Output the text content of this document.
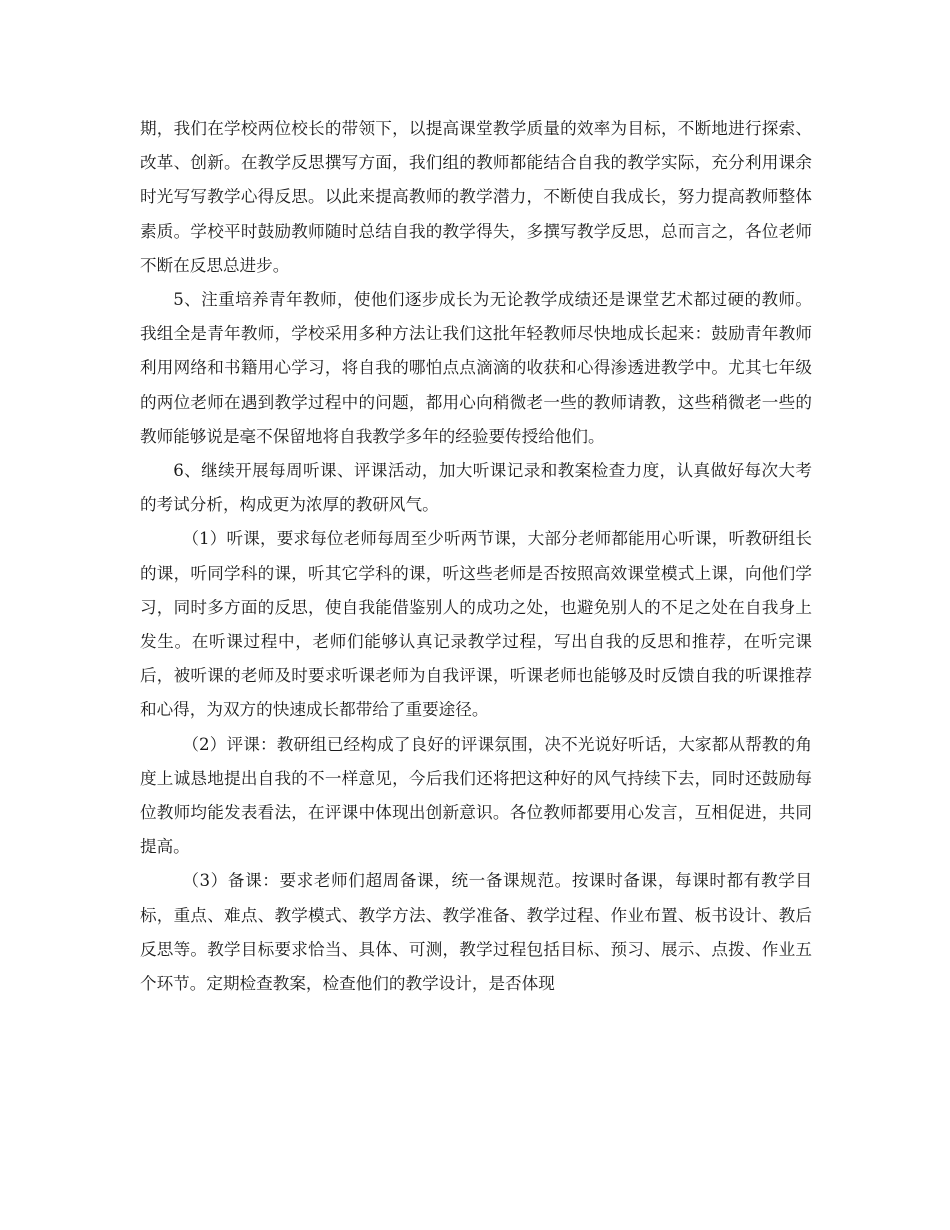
期，我们在学校两位校长的带领下，以提高课堂教学质量的效率为目标，不断地进行探索、改革、创新。在教学反思撰写方面，我们组的教师都能结合自我的教学实际，充分利用课余时光写写教学心得反思。以此来提高教师的教学潜力，不断使自我成长，努力提高教师整体素质。学校平时鼓励教师随时总结自我的教学得失，多撰写教学反思，总而言之，各位老师不断在反思总进步。

5、注重培养青年教师，使他们逐步成长为无论教学成绩还是课堂艺术都过硬的教师。我组全是青年教师，学校采用多种方法让我们这批年轻教师尽快地成长起来：鼓励青年教师利用网络和书籍用心学习，将自我的哪怕点点滴滴的收获和心得渗透进教学中。尤其七年级的两位老师在遇到教学过程中的问题，都用心向稍微老一些的教师请教，这些稍微老一些的教师能够说是毫不保留地将自我教学多年的经验要传授给他们。

6、继续开展每周听课、评课活动，加大听课记录和教案检查力度，认真做好每次大考的考试分析，构成更为浓厚的教研风气。

（1）听课，要求每位老师每周至少听两节课，大部分老师都能用心听课，听教研组长的课，听同学科的课，听其它学科的课，听这些老师是否按照高效课堂模式上课，向他们学习，同时多方面的反思，使自我能借鉴别人的成功之处，也避免别人的不足之处在自我身上发生。在听课过程中，老师们能够认真记录教学过程，写出自我的反思和推荐，在听完课后，被听课的老师及时要求听课老师为自我评课，听课老师也能够及时反馈自我的听课推荐和心得，为双方的快速成长都带给了重要途径。

（2）评课：教研组已经构成了良好的评课氛围，决不光说好听话，大家都从帮教的角度上诚恳地提出自我的不一样意见，今后我们还将把这种好的风气持续下去，同时还鼓励每位教师均能发表看法，在评课中体现出创新意识。各位教师都要用心发言，互相促进，共同提高。

（3）备课：要求老师们超周备课，统一备课规范。按课时备课，每课时都有教学目标，重点、难点、教学模式、教学方法、教学准备、教学过程、作业布置、板书设计、教后反思等。教学目标要求恰当、具体、可测，教学过程包括目标、预习、展示、点拨、作业五个环节。定期检查教案，检查他们的教学设计，是否体现
